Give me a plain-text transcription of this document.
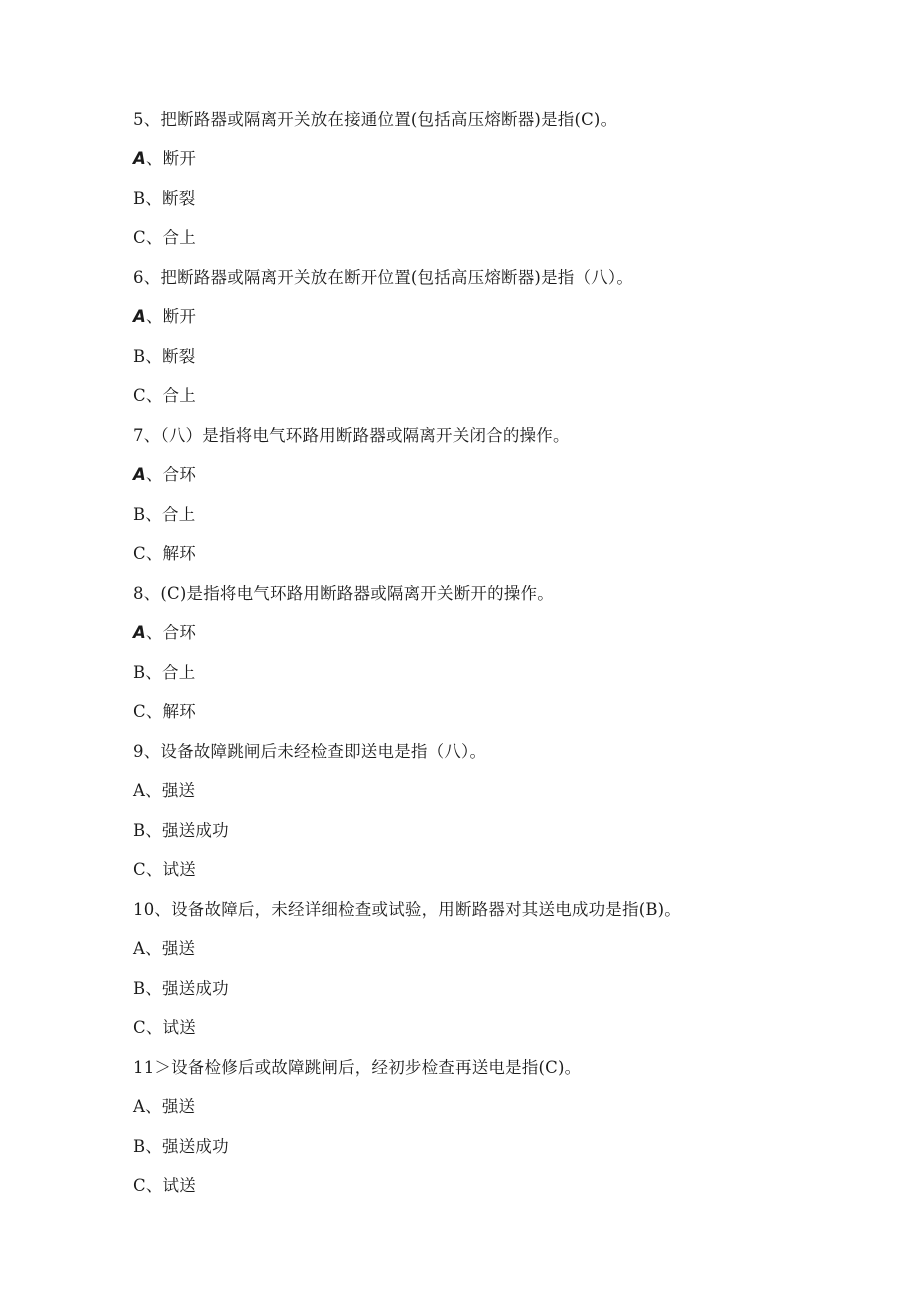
5、把断路器或隔离开关放在接通位置(包括高压熔断器)是指(C)。
A、断开
B、断裂
C、合上
6、把断路器或隔离开关放在断开位置(包括高压熔断器)是指（八）。
A、断开
B、断裂
C、合上
7、（八）是指将电气环路用断路器或隔离开关闭合的操作。
A、合环
B、合上
C、解环
8、(C)是指将电气环路用断路器或隔离开关断开的操作。
A、合环
B、合上
C、解环
9、设备故障跳闸后未经检查即送电是指（八）。
A、强送
B、强送成功
C、试送
10、设备故障后，未经详细检查或试验，用断路器对其送电成功是指(B)。
A、强送
B、强送成功
C、试送
11＞设备检修后或故障跳闸后，经初步检查再送电是指(C)。
A、强送
B、强送成功
C、试送
